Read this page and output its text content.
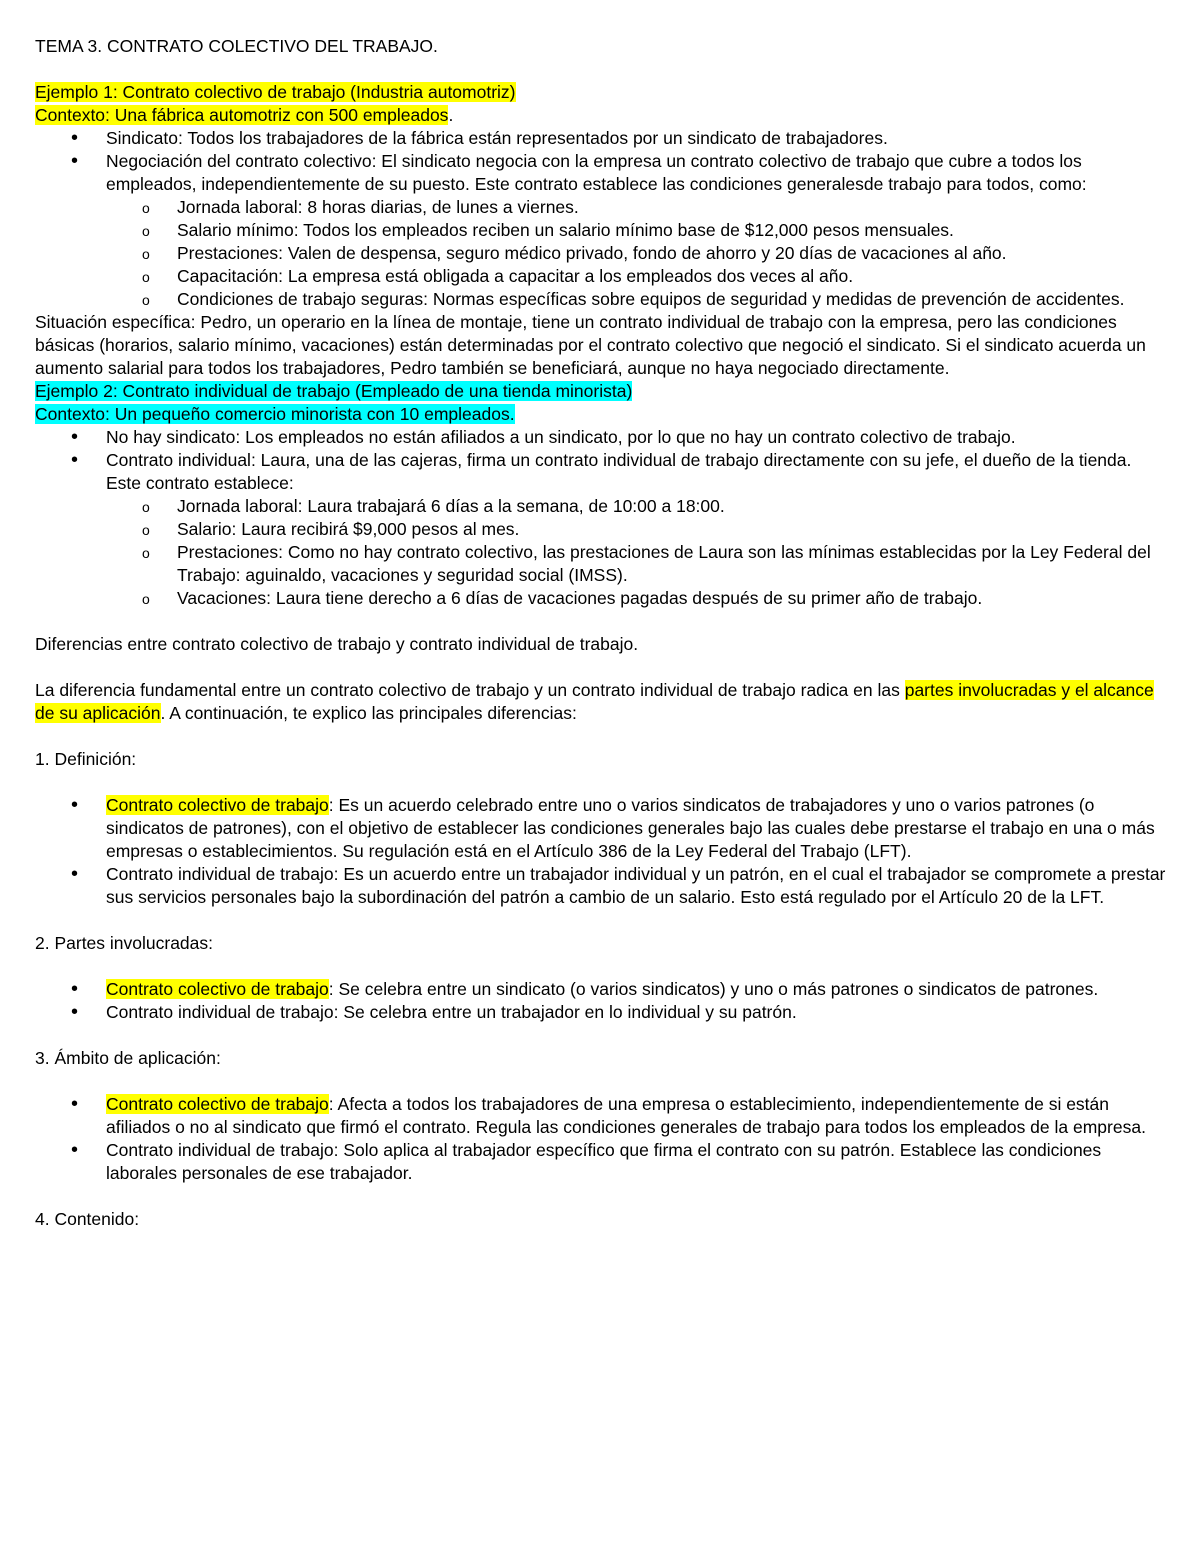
TEMA 3. CONTRATO COLECTIVO DEL TRABAJO.

Ejemplo 1: Contrato colectivo de trabajo (Industria automotriz)

Contexto: Una fábrica automotriz con 500 empleados.

• Sindicato: Todos los trabajadores de la fábrica están representados por un sindicato de trabajadores.
• Negociación del contrato colectivo: El sindicato negocia con la empresa un contrato colectivo de trabajo que cubre a todos los empleados, independientemente de su puesto. Este contrato establece las condiciones generalesde trabajo para todos, como:
o Jornada laboral: 8 horas diarias, de lunes a viernes.
o Salario mínimo: Todos los empleados reciben un salario mínimo base de $12,000 pesos mensuales.
o Prestaciones: Valen de despensa, seguro médico privado, fondo de ahorro y 20 días de vacaciones al año.
o Capacitación: La empresa está obligada a capacitar a los empleados dos veces al año.
o Condiciones de trabajo seguras: Normas específicas sobre equipos de seguridad y medidas de prevención de accidentes.

Situación específica: Pedro, un operario en la línea de montaje, tiene un contrato individual de trabajo con la empresa, pero las condiciones básicas (horarios, salario mínimo, vacaciones) están determinadas por el contrato colectivo que negoció el sindicato. Si el sindicato acuerda un aumento salarial para todos los trabajadores, Pedro también se beneficiará, aunque no haya negociado directamente.

Ejemplo 2: Contrato individual de trabajo (Empleado de una tienda minorista)

Contexto: Un pequeño comercio minorista con 10 empleados.

• No hay sindicato: Los empleados no están afiliados a un sindicato, por lo que no hay un contrato colectivo de trabajo.
• Contrato individual: Laura, una de las cajeras, firma un contrato individual de trabajo directamente con su jefe, el dueño de la tienda. Este contrato establece:
o Jornada laboral: Laura trabajará 6 días a la semana, de 10:00 a 18:00.
o Salario: Laura recibirá $9,000 pesos al mes.
o Prestaciones: Como no hay contrato colectivo, las prestaciones de Laura son las mínimas establecidas por la Ley Federal del Trabajo: aguinaldo, vacaciones y seguridad social (IMSS).
o Vacaciones: Laura tiene derecho a 6 días de vacaciones pagadas después de su primer año de trabajo.

Diferencias entre contrato colectivo de trabajo y contrato individual de trabajo.

La diferencia fundamental entre un contrato colectivo de trabajo y un contrato individual de trabajo radica en las partes involucradas y el alcance de su aplicación. A continuación, te explico las principales diferencias:

1. Definición:

• Contrato colectivo de trabajo: Es un acuerdo celebrado entre uno o varios sindicatos de trabajadores y uno o varios patrones (o sindicatos de patrones), con el objetivo de establecer las condiciones generales bajo las cuales debe prestarse el trabajo en una o más empresas o establecimientos. Su regulación está en el Artículo 386 de la Ley Federal del Trabajo (LFT).
• Contrato individual de trabajo: Es un acuerdo entre un trabajador individual y un patrón, en el cual el trabajador se compromete a prestar sus servicios personales bajo la subordinación del patrón a cambio de un salario. Esto está regulado por el Artículo 20 de la LFT.

2. Partes involucradas:

• Contrato colectivo de trabajo: Se celebra entre un sindicato (o varios sindicatos) y uno o más patrones o sindicatos de patrones.
• Contrato individual de trabajo: Se celebra entre un trabajador en lo individual y su patrón.

3. Ámbito de aplicación:

• Contrato colectivo de trabajo: Afecta a todos los trabajadores de una empresa o establecimiento, independientemente de si están afiliados o no al sindicato que firmó el contrato. Regula las condiciones generales de trabajo para todos los empleados de la empresa.
• Contrato individual de trabajo: Solo aplica al trabajador específico que firma el contrato con su patrón. Establece las condiciones laborales personales de ese trabajador.

4. Contenido:
